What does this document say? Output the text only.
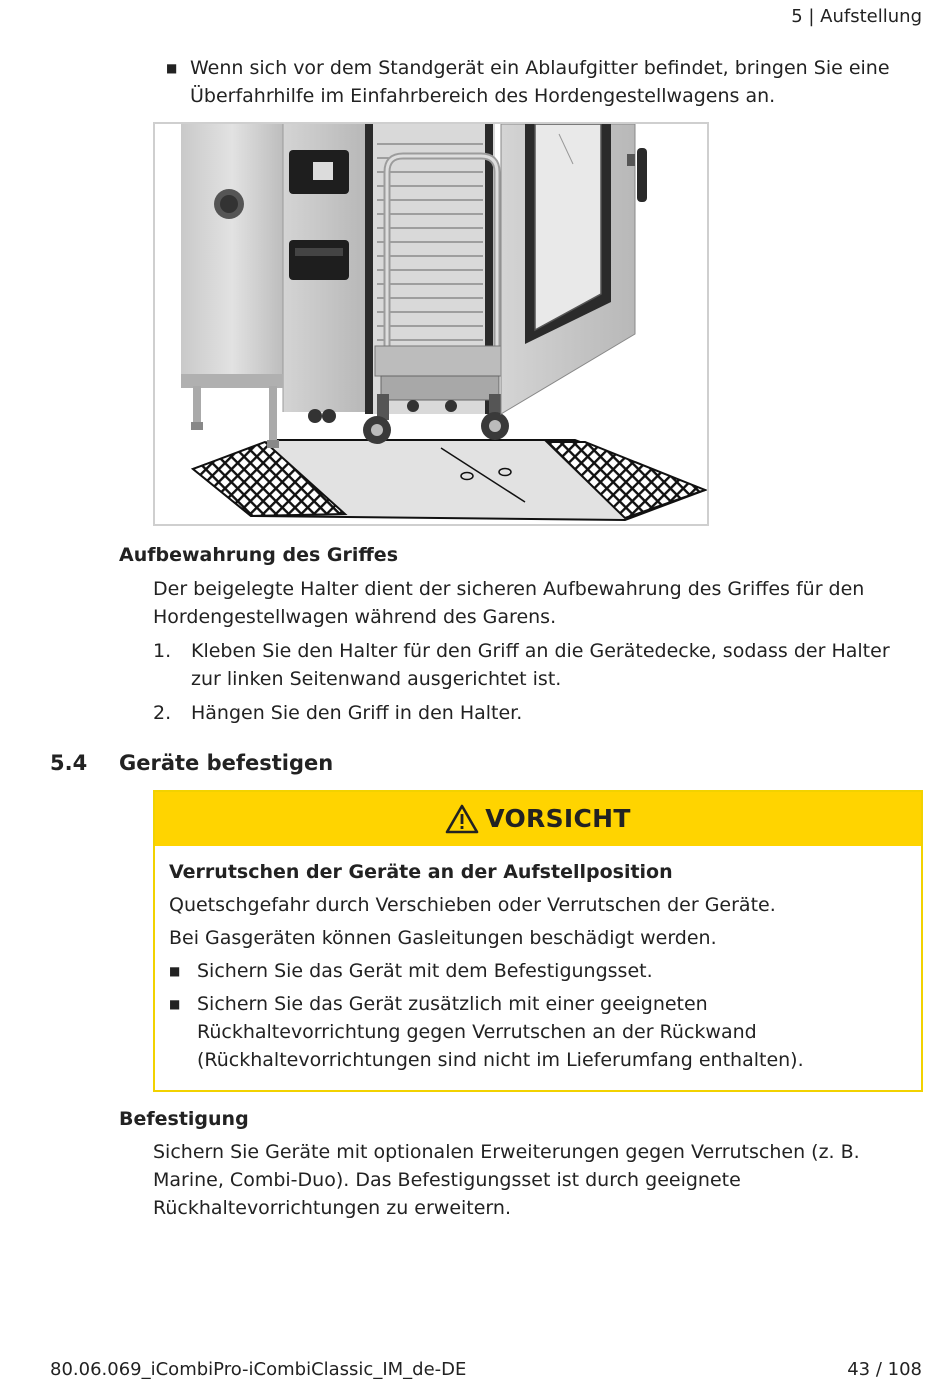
5 | Aufstellung
■ Wenn sich vor dem Standgerät ein Ablaufgitter befindet, bringen Sie eine Überfahrhilfe im Einfahrbereich des Hordengestellwagens an.
Aufbewahrung des Griffes
Der beigelegte Halter dient der sicheren Aufbewahrung des Griffes für den Hordengestellwagen während des Garens.
1.	Kleben Sie den Halter für den Griff an die Gerätedecke, sodass der Halter zur linken Seitenwand ausgerichtet ist.
2.	Hängen Sie den Griff in den Halter.
5.4 Geräte befestigen
VORSICHT

Verrutschen der Geräte an der Aufstellposition

Quetschgefahr durch Verschieben oder Verrutschen der Geräte.

Bei Gasgeräten können Gasleitungen beschädigt werden.

■ Sichern Sie das Gerät mit dem Befestigungsset.
■ Sichern Sie das Gerät zusätzlich mit einer geeigneten Rückhaltevorrichtung gegen Verrutschen an der Rückwand (Rückhaltevorrichtungen sind nicht im Lieferumfang enthalten).
Befestigung
Sichern Sie Geräte mit optionalen Erweiterungen gegen Verrutschen (z. B. Marine, Combi-Duo). Das Befestigungsset ist durch geeignete Rückhaltevorrichtungen zu erweitern.
80.06.069_iCombiPro-iCombiClassic_IM_de-DE	43 / 108
